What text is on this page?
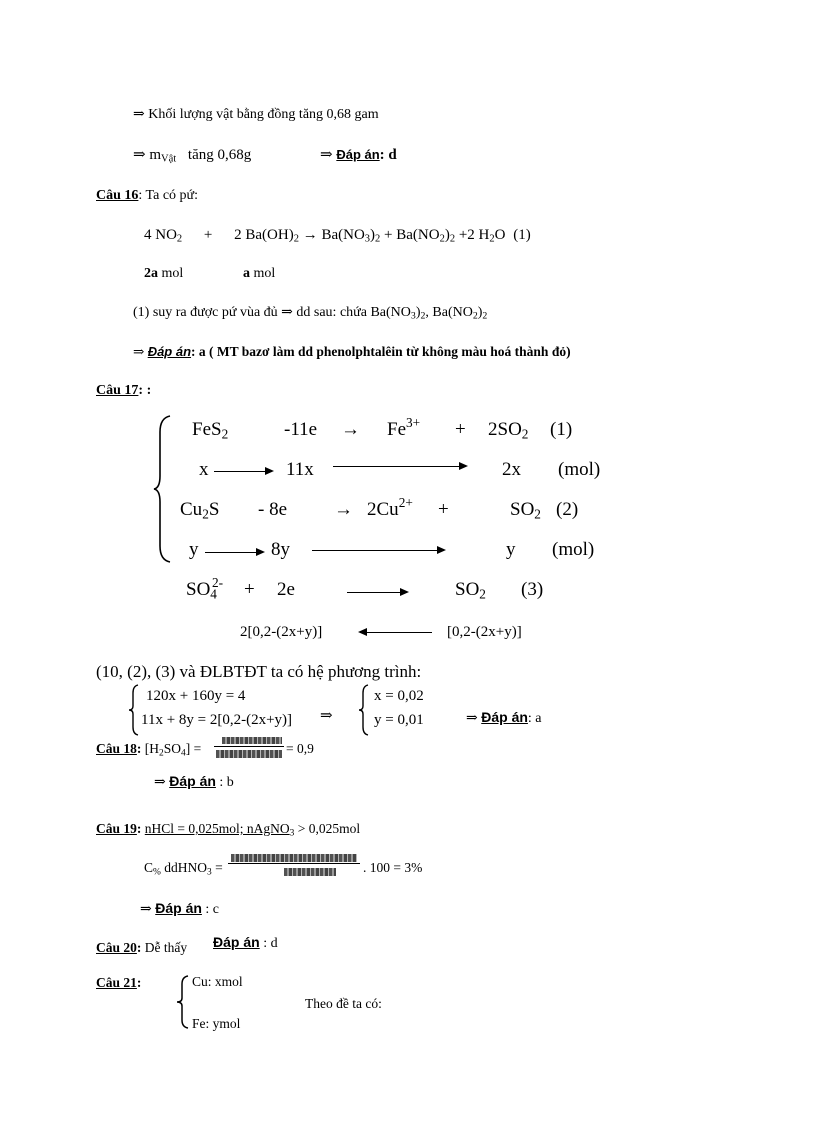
⇒ Khối lượng vật bằng đồng tăng 0,68 gam
⇒ $m_{Vật}$ tăng 0,68g	⇒ Đáp án: d
Câu 16: Ta có pứ:
4 $NO_2 + 2$ $Ba(OH)_2 \to Ba(NO_3)_2 + Ba(NO_2)_2 +2$ $H_2O$ (1)
2a mol	a mol
(1) suy ra được pứ vùa đủ ⇒ dd sau: chứa $Ba(NO_3)_2$, $Ba(NO_2)_2$
⇒ Đáp án: a ( MT bazơ làm dd phenolphtalêin từ không màu hoá thành đỏ)
Câu 17: :
FeS$_2$	$-11e \to Fe^{3+} + 2SO_2$ (1)
x	11x	2x (mol)
$Cu_2S - 8e \to 2Cu^{2+}$ +	$SO_2$ (2)
y	8y	y (mol)
$SO_4^{2-} + 2e$	$SO_2$ (3)
2[0,2-(2x+y)]	[0,2-(2x+y)]
(10, (2), (3) và ĐLBTĐT ta có hệ phương trình:
120x + 160y = 4
11x + 8y = 2[0,2-(2x+y)] ⇒
x = 0,02
y = 0,01	⇒ Đáp án: a
Câu 18: $[H_2SO_4]$ =	= 0,9
⇒ Đáp án : b
Câu 19: nHCl = 0,025mol; nAgNO$_3$ > 0,025mol
$C_{\%}$ ddHNO$_3$ =	. 100 = 3%
⇒ Đáp án : c
Câu 20: Dễ thấy Đáp án : d
Câu 21:	Cu: xmol
Fe: ymol
Theo đề ta có:
